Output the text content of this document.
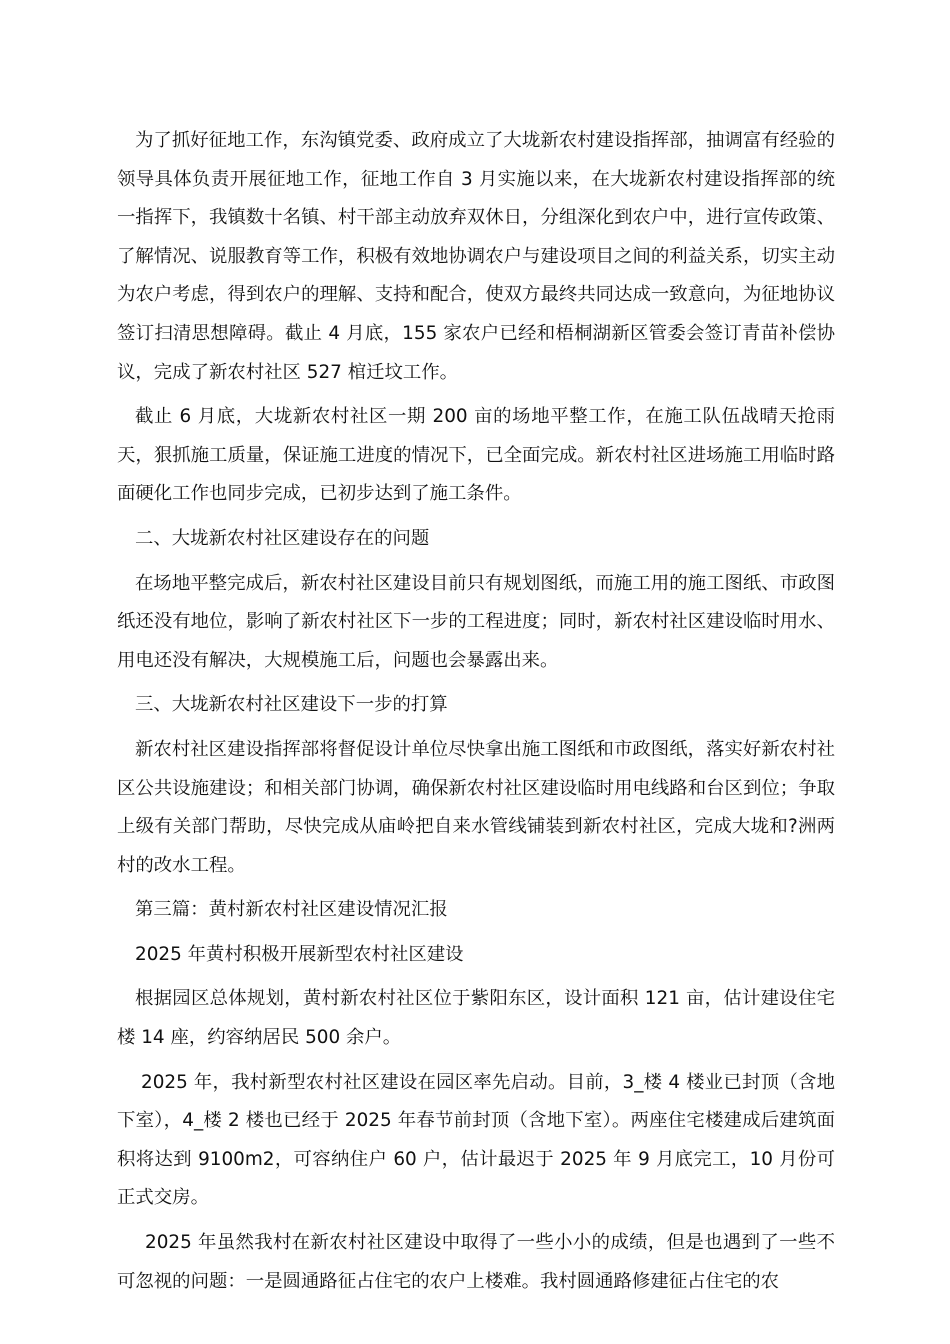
为了抓好征地工作，东沟镇党委、政府成立了大垅新农村建设指挥部，抽调富有经验的领导具体负责开展征地工作，征地工作自 3 月实施以来，在大垅新农村建设指挥部的统一指挥下，我镇数十名镇、村干部主动放弃双休日，分组深化到农户中，进行宣传政策、了解情况、说服教育等工作，积极有效地协调农户与建设项目之间的利益关系，切实主动为农户考虑，得到农户的理解、支持和配合，使双方最终共同达成一致意向，为征地协议签订扫清思想障碍。截止 4 月底，155 家农户已经和梧桐湖新区管委会签订青苗补偿协议，完成了新农村社区 527 棺迁坟工作。

截止 6 月底，大垅新农村社区一期 200 亩的场地平整工作，在施工队伍战晴天抢雨天，狠抓施工质量，保证施工进度的情况下，已全面完成。新农村社区进场施工用临时路面硬化工作也同步完成，已初步达到了施工条件。

二、大垅新农村社区建设存在的问题

在场地平整完成后，新农村社区建设目前只有规划图纸，而施工用的施工图纸、市政图纸还没有地位，影响了新农村社区下一步的工程进度；同时，新农村社区建设临时用水、用电还没有解决，大规模施工后，问题也会暴露出来。

三、大垅新农村社区建设下一步的打算

新农村社区建设指挥部将督促设计单位尽快拿出施工图纸和市政图纸，落实好新农村社区公共设施建设；和相关部门协调，确保新农村社区建设临时用电线路和台区到位；争取上级有关部门帮助，尽快完成从庙岭把自来水管线铺装到新农村社区，完成大垅和?洲两村的改水工程。

第三篇：黄村新农村社区建设情况汇报

2025 年黄村积极开展新型农村社区建设

根据园区总体规划，黄村新农村社区位于紫阳东区，设计面积 121 亩，估计建设住宅楼 14 座，约容纳居民 500 余户。

2025 年，我村新型农村社区建设在园区率先启动。目前，3_楼 4 楼业已封顶（含地下室），4_楼 2 楼也已经于 2025 年春节前封顶（含地下室）。两座住宅楼建成后建筑面积将达到 9100m2，可容纳住户 60 户，估计最迟于 2025 年 9 月底完工，10 月份可正式交房。

2025 年虽然我村在新农村社区建设中取得了一些小小的成绩，但是也遇到了一些不可忽视的问题：一是圆通路征占住宅的农户上楼难。我村圆通路修建征占住宅的农
